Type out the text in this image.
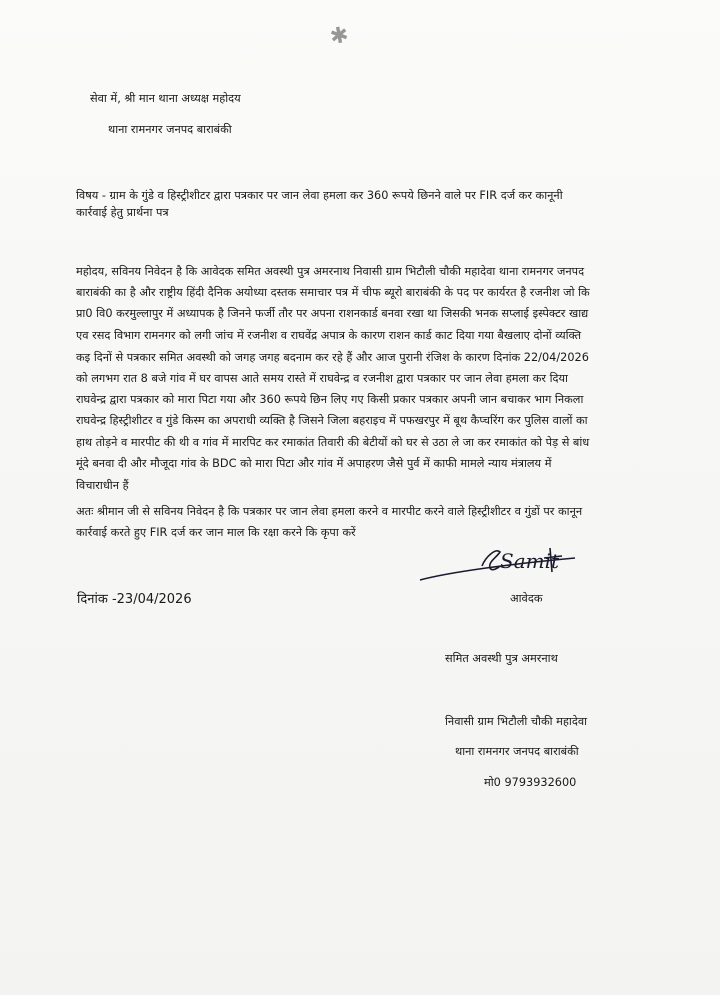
✱
सेवा में, श्री मान थाना अध्यक्ष महोदय
थाना रामनगर जनपद बाराबंकी
विषय - ग्राम के गुंडे व हिस्ट्रीशीटर द्वारा पत्रकार पर जान लेवा हमला कर 360 रूपये छिनने वाले पर FIR दर्ज कर कानूनी
कार्रवाई हेतु प्रार्थना पत्र
महोदय, सविनय निवेदन है कि आवेदक समित अवस्थी पुत्र अमरनाथ निवासी ग्राम भिटौली चौकी महादेवा थाना रामनगर जनपद
बाराबंकी का है और राष्ट्रीय हिंदी दैनिक अयोध्या दस्तक समाचार पत्र में चीफ ब्यूरो बाराबंकी के पद पर कार्यरत है रजनीश जो कि
प्रा0 वि0 करमुल्लापुर में अध्यापक है जिनने फर्जी तौर पर अपना राशनकार्ड बनवा रखा था जिसकी भनक सप्लाई इस्पेक्टर खाद्य
एव रसद विभाग रामनगर को लगी जांच में रजनीश व राघवेंद्र अपात्र के कारण राशन कार्ड काट दिया गया बैखलाए दोनों व्यक्ति
कइ दिनों से पत्रकार समित अवस्थी को जगह जगह बदनाम कर रहे हैं और आज पुरानी रंजिश के कारण दिनांक 22/04/2026
को लगभग रात 8 बजे गांव में घर वापस आते समय रास्ते में राघवेन्द्र व रजनीश द्वारा पत्रकार पर जान लेवा हमला कर दिया
राघवेन्द्र द्वारा पत्रकार को मारा पिटा गया और 360 रूपये छिन लिए गए किसी प्रकार पत्रकार अपनी जान बचाकर भाग निकला
राघवेन्द्र हिस्ट्रीशीटर व गुंडे किस्म का अपराधी व्यक्ति है जिसने जिला बहराइच में पफखरपुर में बूथ कैप्चरिंग कर पुलिस वालों का
हाथ तोड़ने व मारपीट की थी व गांव में मारपिट कर रमाकांत तिवारी की बेटीयों को घर से उठा ले जा कर रमाकांत को पेड़ से बांध
मूंदे बनवा दी और मौजूदा गांव के BDC को मारा पिटा और गांव में अपाहरण जैसे पुर्व में काफी मामले न्याय मंत्रालय में
विचाराधीन हैं
अतः श्रीमान जी से सविनय निवेदन है कि पत्रकार पर जान लेवा हमला करने व मारपीट करने वाले हिस्ट्रीशीटर व गुंडों पर कानून
कार्रवाई करते हुए FIR दर्ज कर जान माल कि रक्षा करने कि कृपा करें
Samit
दिनांक -23/04/2026	आवेदक
समित अवस्थी पुत्र अमरनाथ
निवासी ग्राम भिटौली चौकी महादेवा
थाना रामनगर जनपद बाराबंकी
मो0 9793932600
